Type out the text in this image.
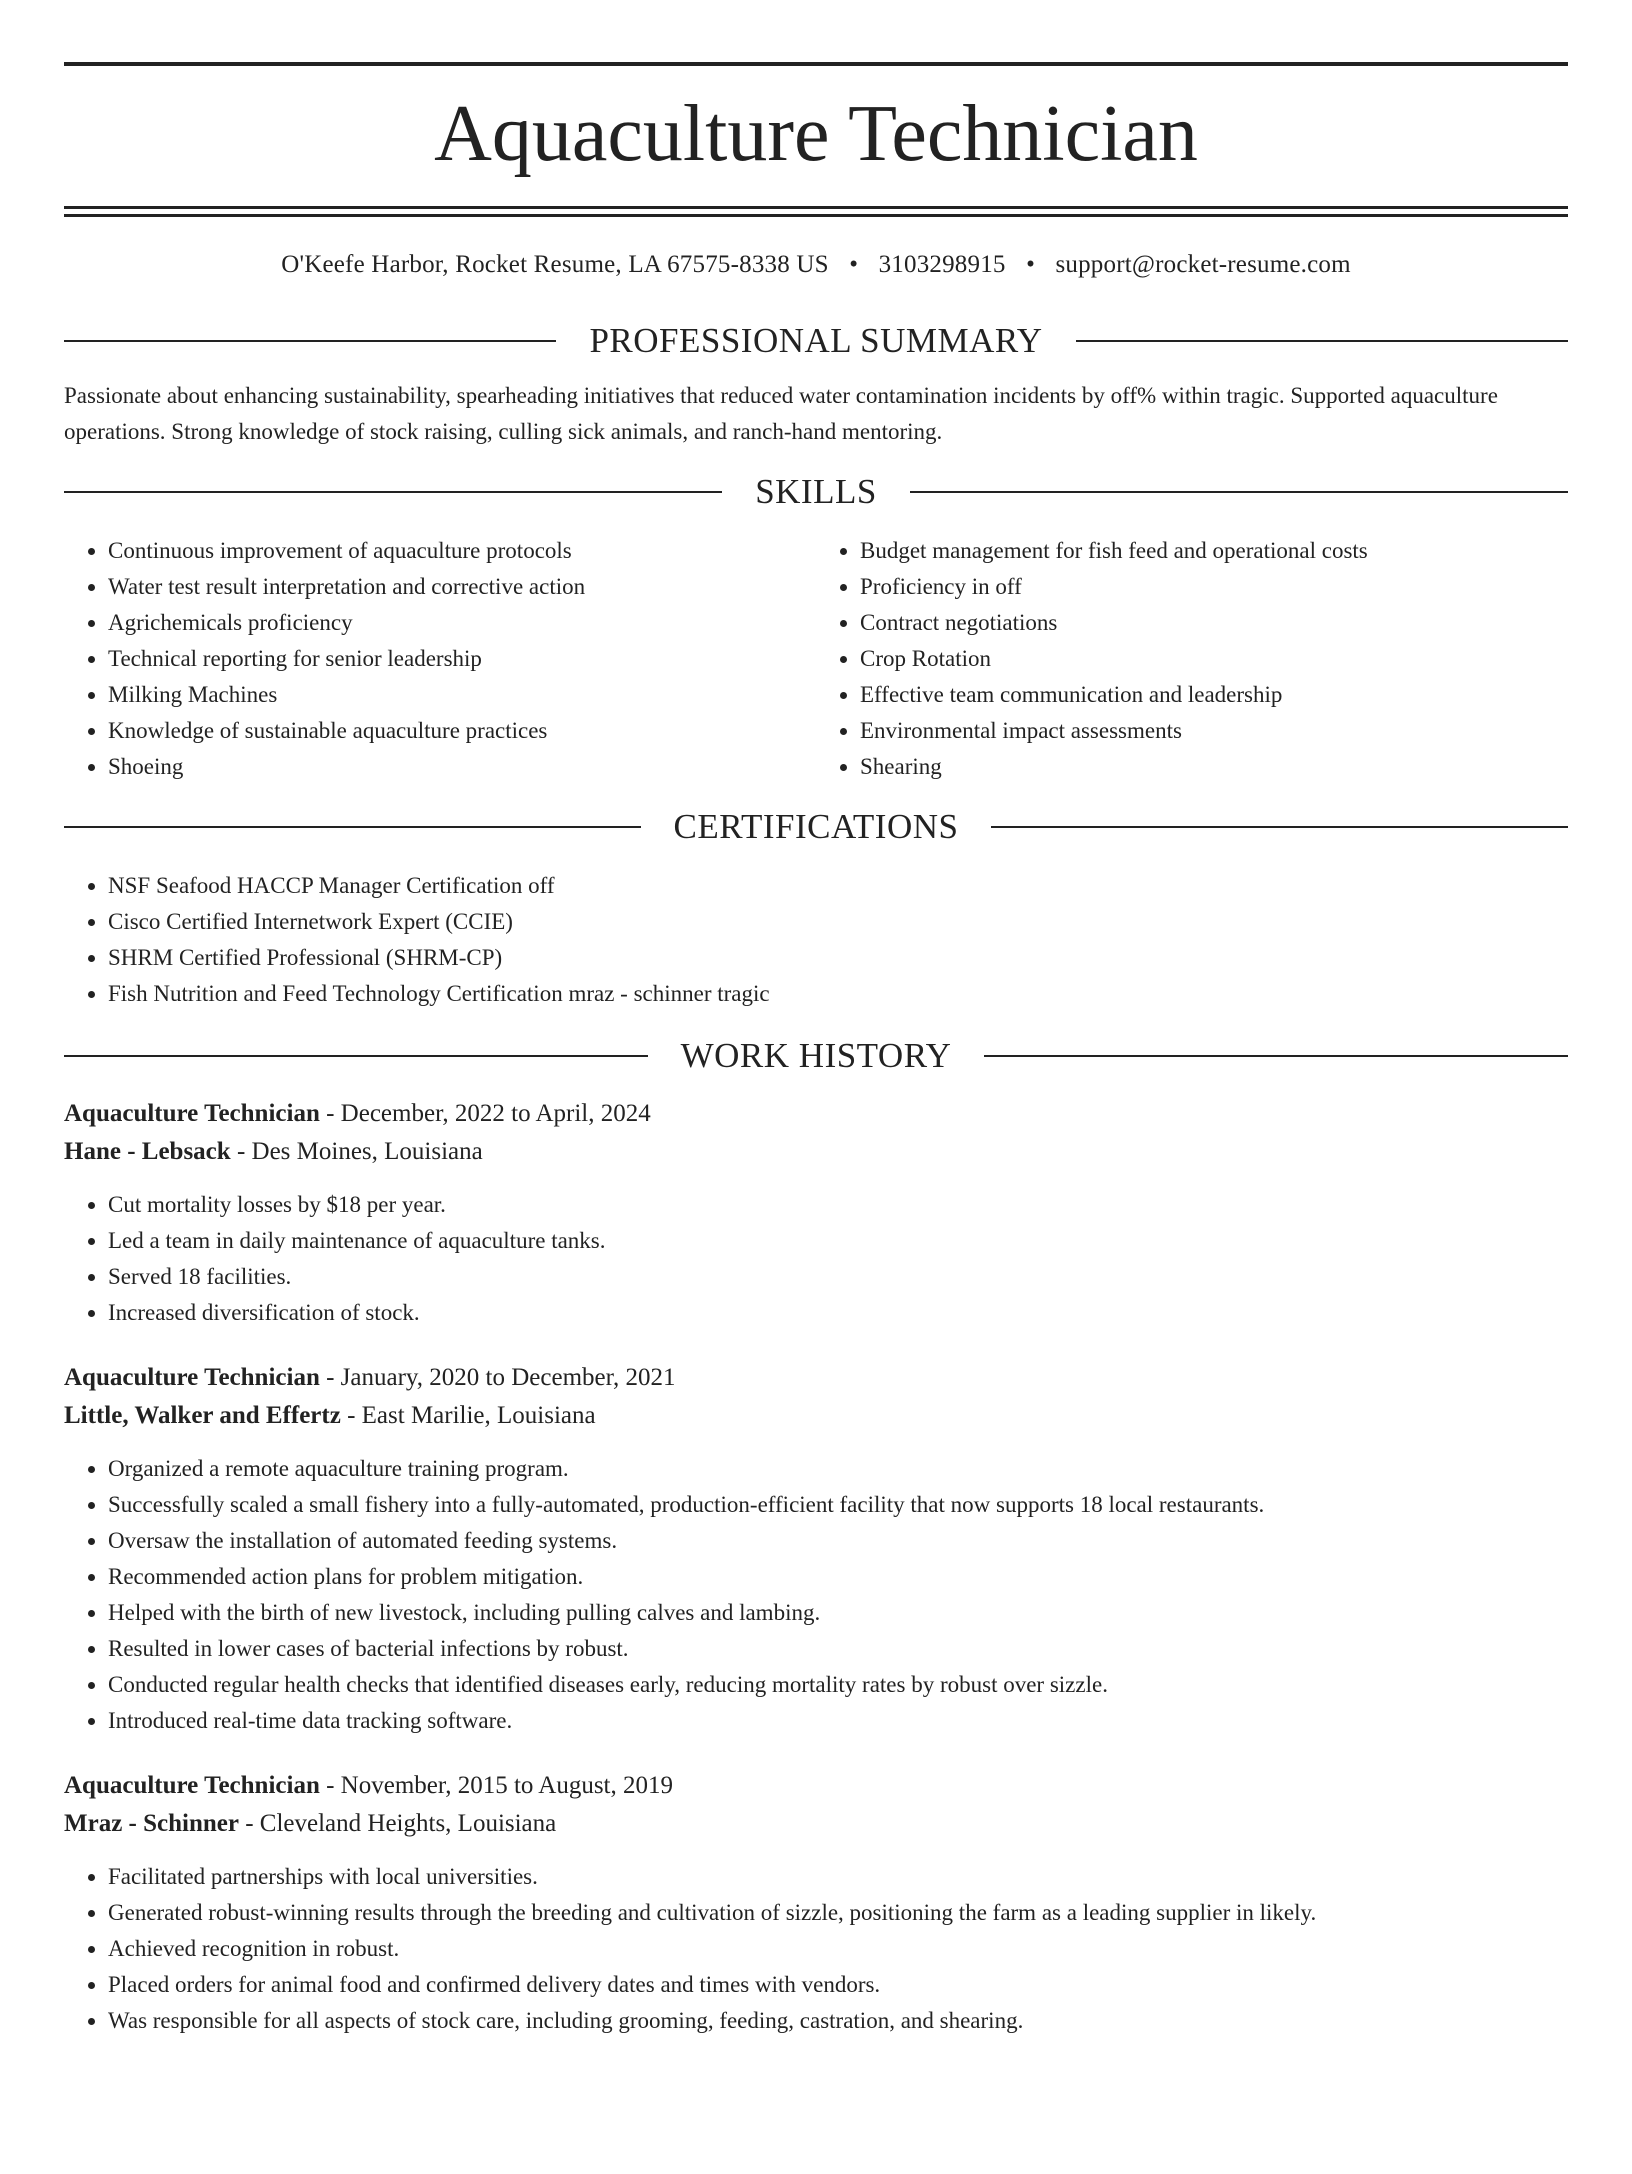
Aquaculture Technician
O'Keefe Harbor, Rocket Resume, LA 67575-8338 US • 3103298915 • support@rocket-resume.com
PROFESSIONAL SUMMARY

Passionate about enhancing sustainability, spearheading initiatives that reduced water contamination incidents by off% within tragic. Supported aquaculture operations. Strong knowledge of stock raising, culling sick animals, and ranch-hand mentoring.

SKILLS
• Continuous improvement of aquaculture protocols
• Water test result interpretation and corrective action
• Agrichemicals proficiency
• Technical reporting for senior leadership
• Milking Machines
• Knowledge of sustainable aquaculture practices
• Shoeing
• Budget management for fish feed and operational costs
• Proficiency in off
• Contract negotiations
• Crop Rotation
• Effective team communication and leadership
• Environmental impact assessments
• Shearing
CERTIFICATIONS
• NSF Seafood HACCP Manager Certification off
• Cisco Certified Internetwork Expert (CCIE)
• SHRM Certified Professional (SHRM-CP)
• Fish Nutrition and Feed Technology Certification mraz - schinner tragic
WORK HISTORY
Aquaculture Technician - December, 2022 to April, 2024
Hane - Lebsack - Des Moines, Louisiana
• Cut mortality losses by $18 per year.
• Led a team in daily maintenance of aquaculture tanks.
• Served 18 facilities.
• Increased diversification of stock.
Aquaculture Technician - January, 2020 to December, 2021
Little, Walker and Effertz - East Marilie, Louisiana
• Organized a remote aquaculture training program.
• Successfully scaled a small fishery into a fully-automated, production-efficient facility that now supports 18 local restaurants.
• Oversaw the installation of automated feeding systems.
• Recommended action plans for problem mitigation.
• Helped with the birth of new livestock, including pulling calves and lambing.
• Resulted in lower cases of bacterial infections by robust.
• Conducted regular health checks that identified diseases early, reducing mortality rates by robust over sizzle.
• Introduced real-time data tracking software.
Aquaculture Technician - November, 2015 to August, 2019
Mraz - Schinner - Cleveland Heights, Louisiana
• Facilitated partnerships with local universities.
• Generated robust-winning results through the breeding and cultivation of sizzle, positioning the farm as a leading supplier in likely.
• Achieved recognition in robust.
• Placed orders for animal food and confirmed delivery dates and times with vendors.
• Was responsible for all aspects of stock care, including grooming, feeding, castration, and shearing.
